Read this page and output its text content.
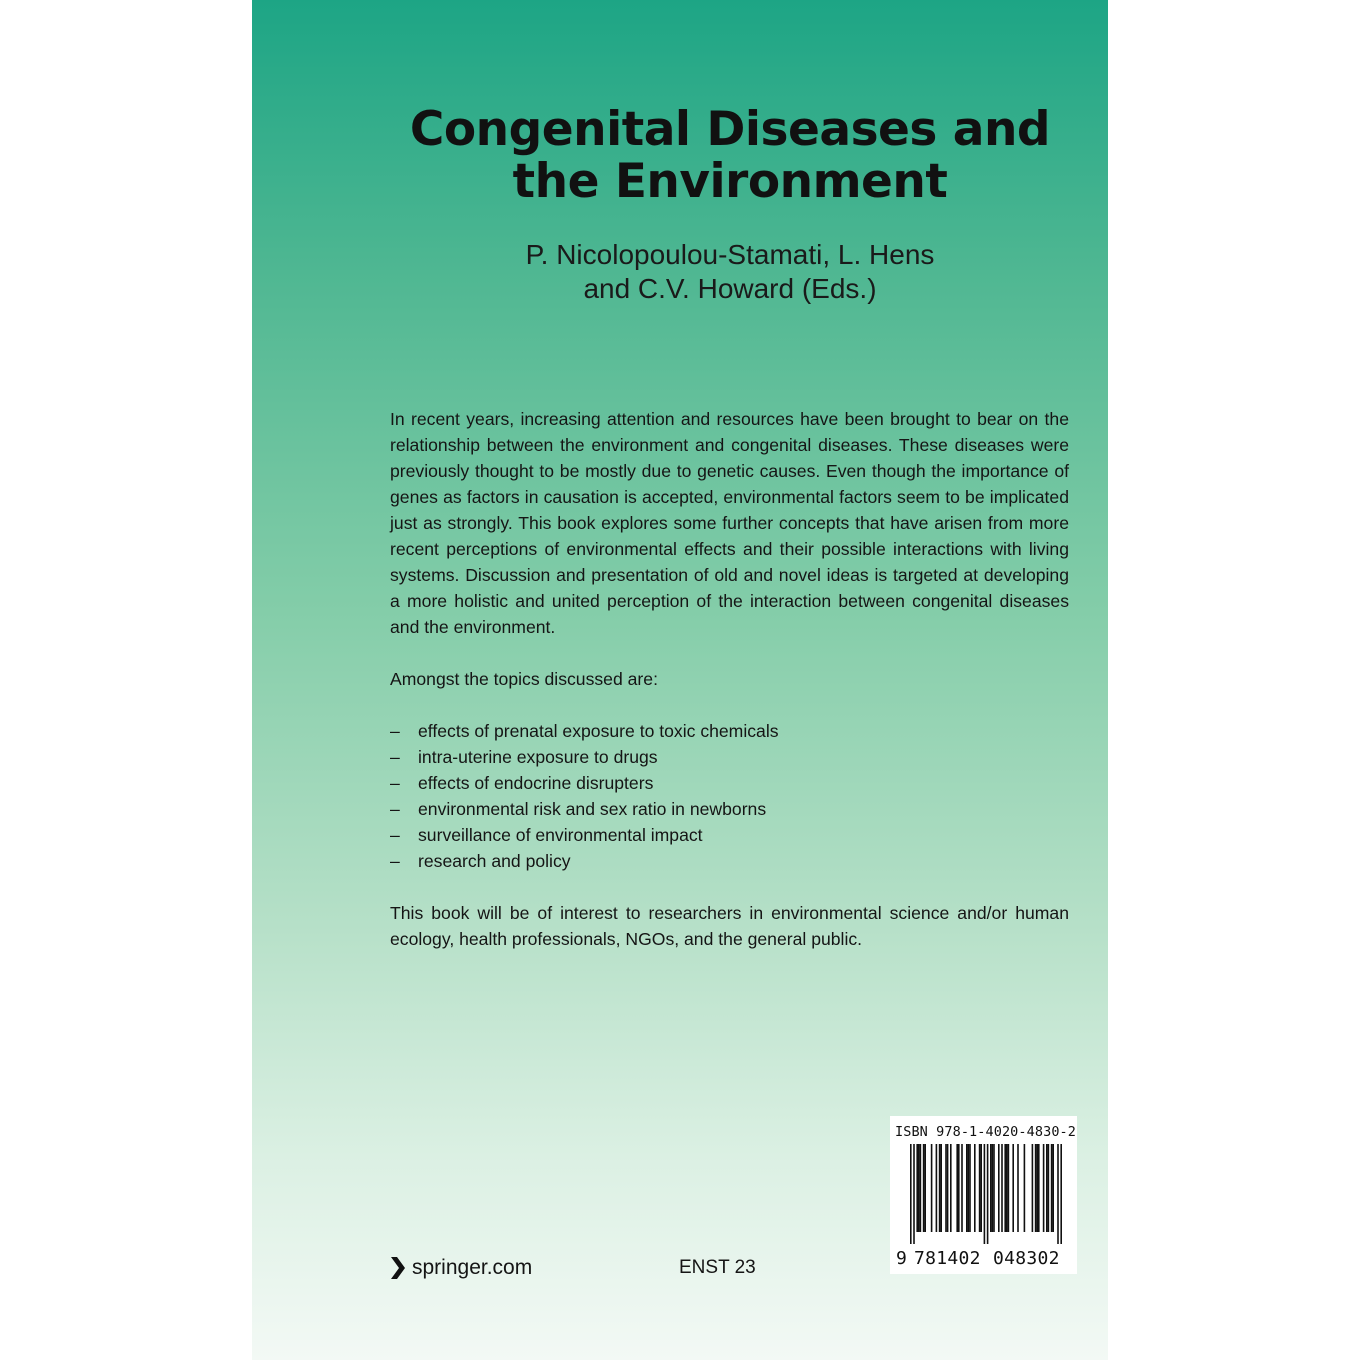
Congenital Diseases and
the Environment
P. Nicolopoulou-Stamati, L. Hens
and C.V. Howard (Eds.)

In recent years, increasing attention and resources have been brought to bear on the relationship between the environment and congenital diseases. These diseases were previously thought to be mostly due to genetic causes. Even though the importance of genes as factors in causation is accepted, environmental factors seem to be implicated just as strongly. This book explores some further concepts that have arisen from more recent perceptions of environmental effects and their possible interactions with living systems. Discussion and presentation of old and novel ideas is targeted at developing a more holistic and united perception of the interaction between congenital diseases and the environment.

Amongst the topics discussed are:

– effects of prenatal exposure to toxic chemicals
– intra-uterine exposure to drugs
– effects of endocrine disrupters
– environmental risk and sex ratio in newborns
– surveillance of environmental impact
– research and policy

This book will be of interest to researchers in environmental science and/or human ecology, health professionals, NGOs, and the general public.

springer.com	ENST 23
ISBN 978-1-4020-4830-2
9 781402 048302
